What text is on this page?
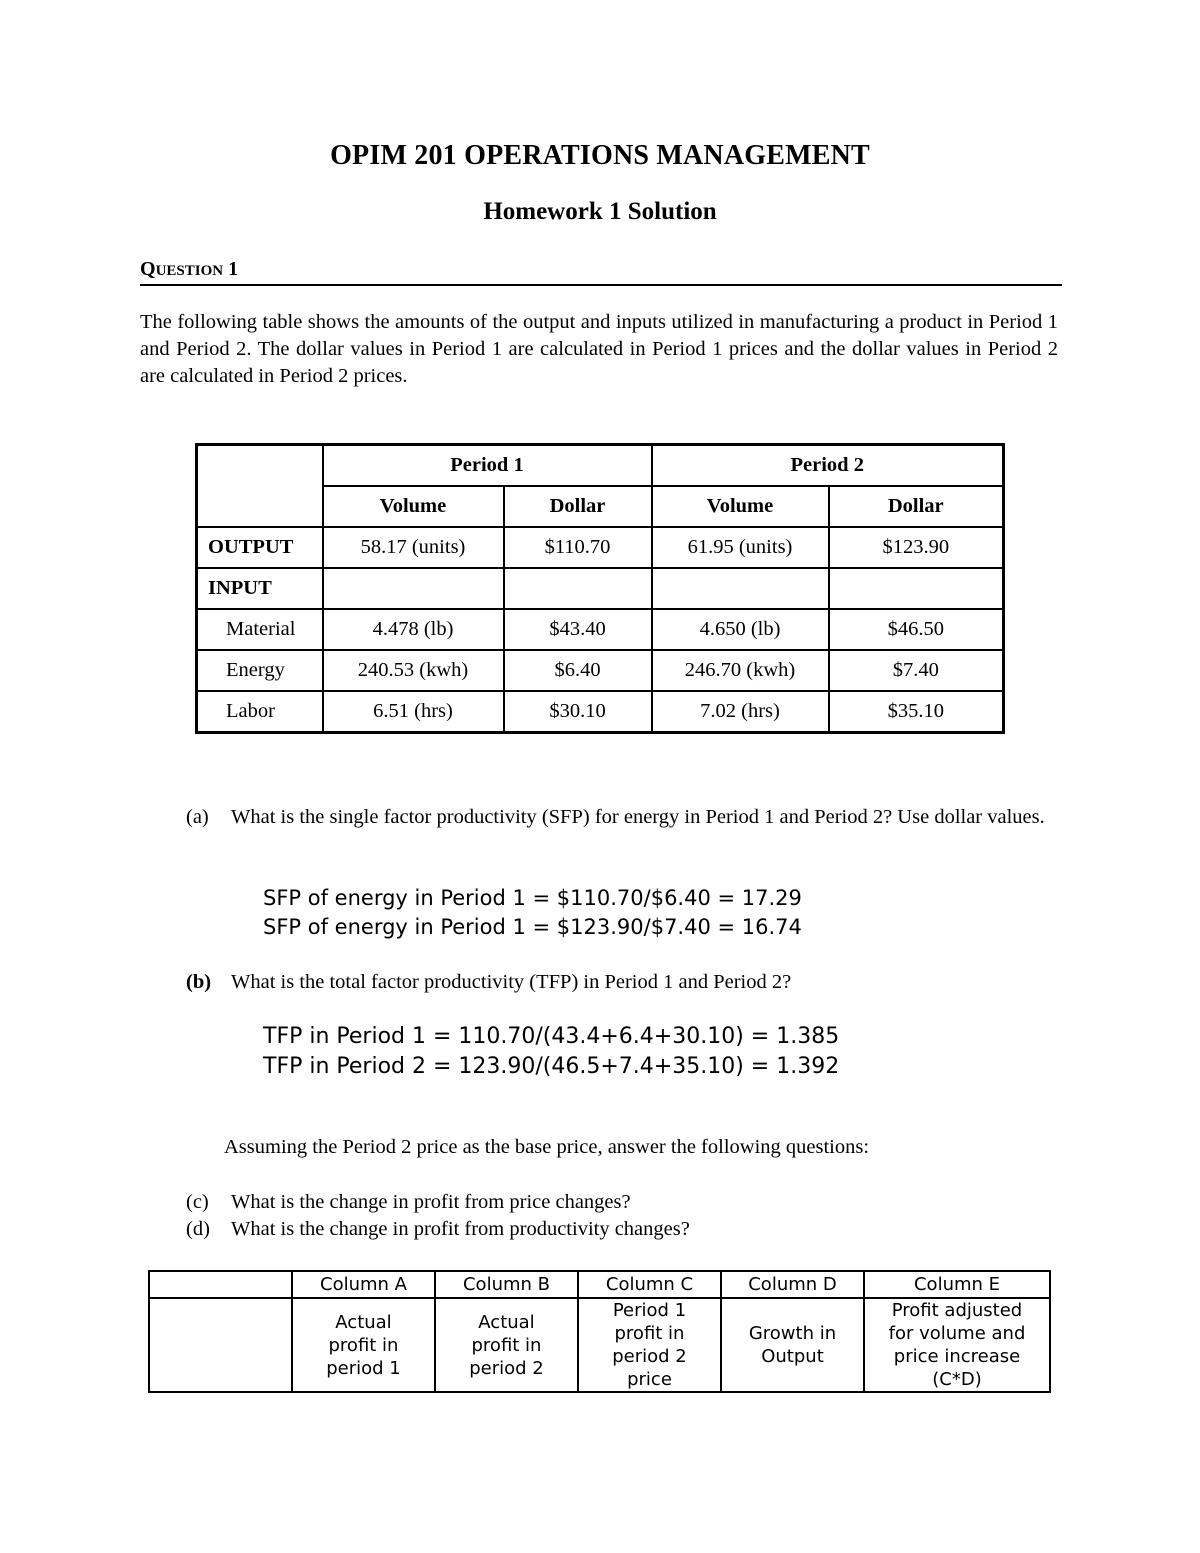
OPIM 201 OPERATIONS MANAGEMENT
Homework 1 Solution
QUESTION 1
The following table shows the amounts of the output and inputs utilized in manufacturing a product in Period 1 and Period 2. The dollar values in Period 1 are calculated in Period 1 prices and the dollar values in Period 2 are calculated in Period 2 prices.
	Period 1		Period 2	
	Volume	Dollar	Volume	Dollar
OUTPUT	58.17 (units)	$110.70	61.95 (units)	$123.90
INPUT				
Material	4.478 (lb)	$43.40	4.650 (lb)	$46.50
Energy	240.53 (kwh)	$6.40	246.70 (kwh)	$7.40
Labor	6.51 (hrs)	$30.10	7.02 (hrs)	$35.10
(a) What is the single factor productivity (SFP) for energy in Period 1 and Period 2? Use dollar values.
SFP of energy in Period 1 = $110.70/$6.40 = 17.29
SFP of energy in Period 1 = $123.90/$7.40 = 16.74
(b) What is the total factor productivity (TFP) in Period 1 and Period 2?
TFP in Period 1 = 110.70/(43.4+6.4+30.10) = 1.385
TFP in Period 2 = 123.90/(46.5+7.4+35.10) = 1.392
Assuming the Period 2 price as the base price, answer the following questions:
(c) What is the change in profit from price changes?
(d) What is the change in profit from productivity changes?
	Column A	Column B	Column C	Column D	Column E
	Actual profit in period 1	Actual profit in period 2	Period 1 profit in period 2 price	Growth in Output	Profit adjusted for volume and price increase (C*D)
